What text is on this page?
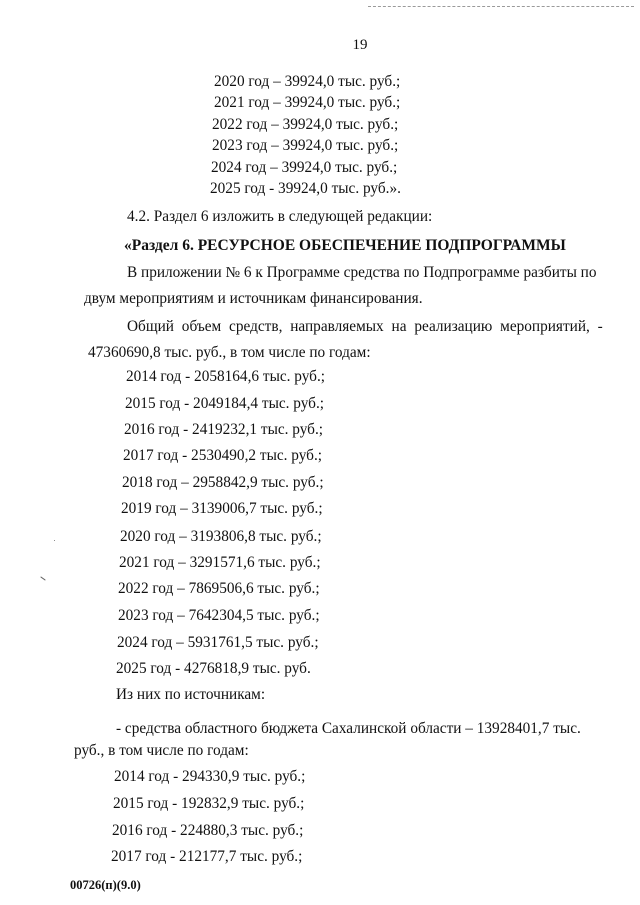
19
2020 год – 39924,0 тыс. руб.;
2021 год – 39924,0 тыс. руб.;
2022 год – 39924,0 тыс. руб.;
2023 год – 39924,0 тыс. руб.;
2024 год – 39924,0 тыс. руб.;
2025 год - 39924,0 тыс. руб.».
4.2. Раздел 6 изложить в следующей редакции:
«Раздел 6. РЕСУРСНОЕ ОБЕСПЕЧЕНИЕ ПОДПРОГРАММЫ
В приложении № 6 к Программе средства по Подпрограмме разбиты по
двум мероприятиям и источникам финансирования.
Общий объем средств, направляемых на реализацию мероприятий, -
47360690,8 тыс. руб., в том числе по годам:
2014 год - 2058164,6 тыс. руб.;
2015 год - 2049184,4 тыс. руб.;
2016 год - 2419232,1 тыс. руб.;
2017 год - 2530490,2 тыс. руб.;
2018 год – 2958842,9 тыс. руб.;
2019 год – 3139006,7 тыс. руб.;
2020 год – 3193806,8 тыс. руб.;
2021 год – 3291571,6 тыс. руб.;
2022 год – 7869506,6 тыс. руб.;
2023 год – 7642304,5 тыс. руб.;
2024 год – 5931761,5 тыс. руб.;
2025 год - 4276818,9 тыс. руб.
Из них по источникам:
- средства областного бюджета Сахалинской области – 13928401,7 тыс.
руб., в том числе по годам:
2014 год - 294330,9 тыс. руб.;
2015 год - 192832,9 тыс. руб.;
2016 год - 224880,3 тыс. руб.;
2017 год - 212177,7 тыс. руб.;
00726(п)(9.0)
